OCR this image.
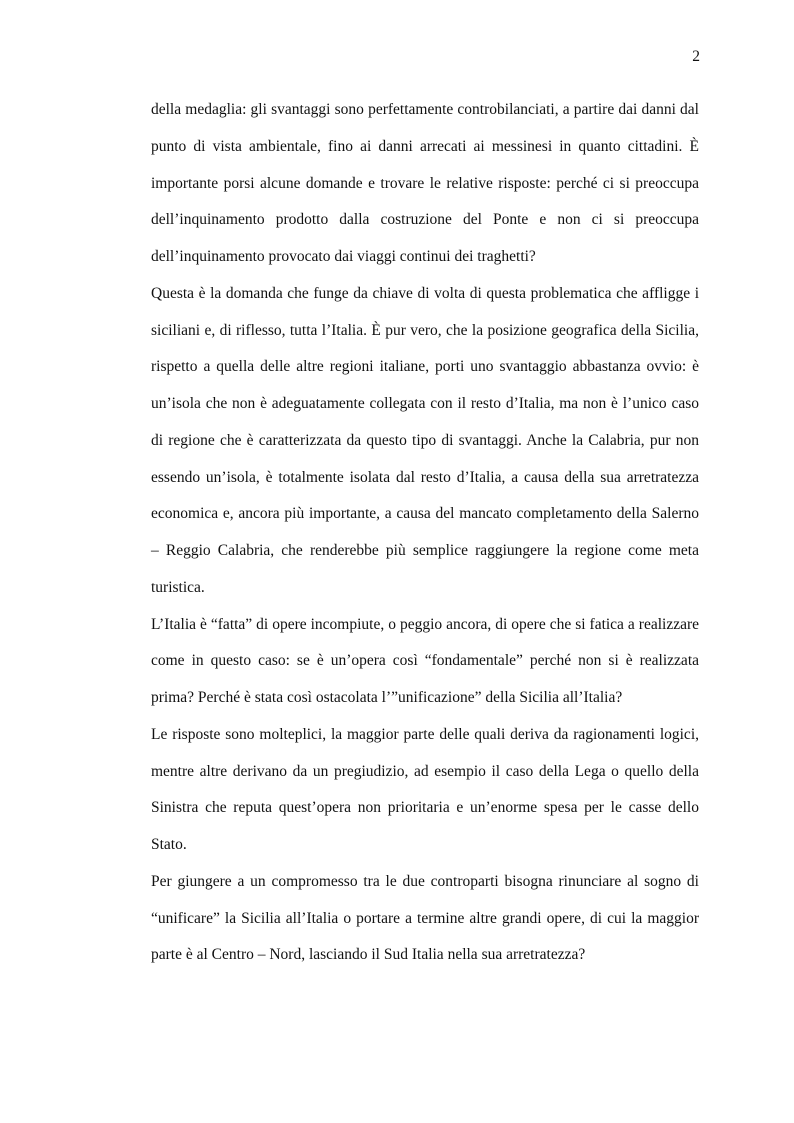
2

della medaglia: gli svantaggi sono perfettamente controbilanciati, a partire dai danni dal punto di vista ambientale, fino ai danni arrecati ai messinesi in quanto cittadini. È importante porsi alcune domande e trovare le relative risposte: perché ci si preoccupa dell’inquinamento prodotto dalla costruzione del Ponte e non ci si preoccupa dell’inquinamento provocato dai viaggi continui dei traghetti?

Questa è la domanda che funge da chiave di volta di questa problematica che affligge i siciliani e, di riflesso, tutta l’Italia. È pur vero, che la posizione geografica della Sicilia, rispetto a quella delle altre regioni italiane, porti uno svantaggio abbastanza ovvio: è un’isola che non è adeguatamente collegata con il resto d’Italia, ma non è l’unico caso di regione che è caratterizzata da questo tipo di svantaggi. Anche la Calabria, pur non essendo un’isola, è totalmente isolata dal resto d’Italia, a causa della sua arretratezza economica e, ancora più importante, a causa del mancato completamento della Salerno – Reggio Calabria, che renderebbe più semplice raggiungere la regione come meta turistica.

L’Italia è “fatta” di opere incompiute, o peggio ancora, di opere che si fatica a realizzare come in questo caso: se è un’opera così “fondamentale” perché non si è realizzata prima? Perché è stata così ostacolata l’”unificazione” della Sicilia all’Italia?

Le risposte sono molteplici, la maggior parte delle quali deriva da ragionamenti logici, mentre altre derivano da un pregiudizio, ad esempio il caso della Lega o quello della Sinistra che reputa quest’opera non prioritaria e un’enorme spesa per le casse dello Stato.

Per giungere a un compromesso tra le due controparti bisogna rinunciare al sogno di “unificare” la Sicilia all’Italia o portare a termine altre grandi opere, di cui la maggior parte è al Centro – Nord, lasciando il Sud Italia nella sua arretratezza?
